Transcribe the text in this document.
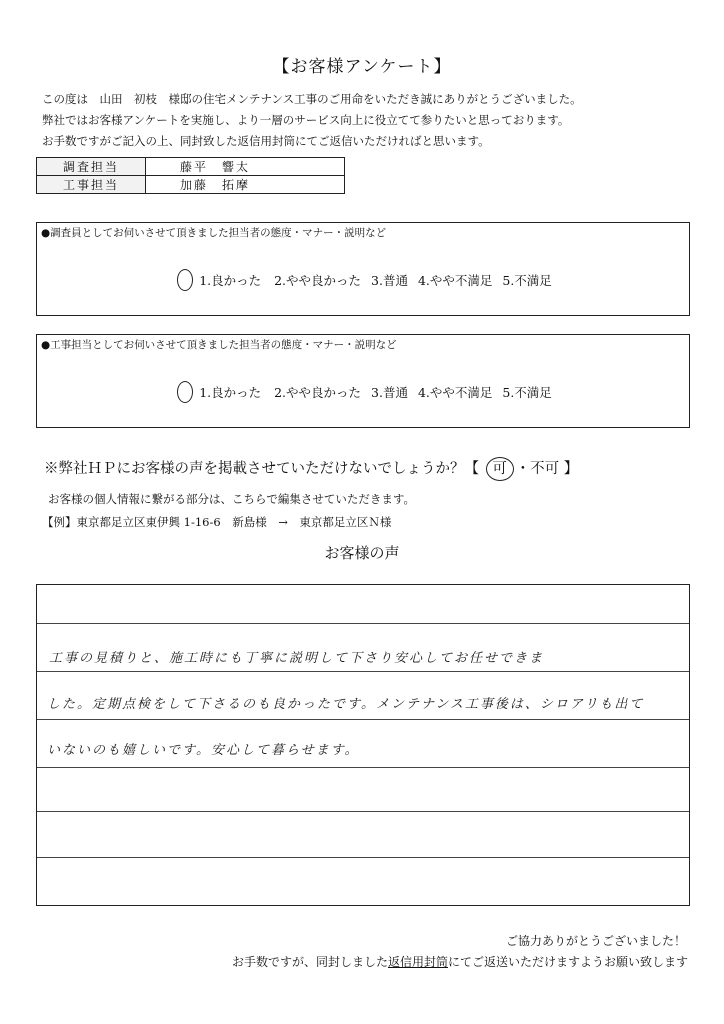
【お客様アンケート】
この度は　山田　初枝　様邸の住宅メンテナンス工事のご用命をいただき誠にありがとうございました。
弊社ではお客様アンケートを実施し、より一層のサービス向上に役立てて参りたいと思っております。
お手数ですがご記入の上、同封致した返信用封筒にてご返信いただければと思います。
調査担当	藤平　響太
工事担当	加藤　拓摩
●調査員としてお伺いさせて頂きました担当者の態度・マナー・説明など
1.良かった 2.やや良かった 3.普通 4.やや不満足 5.不満足
●工事担当としてお伺いさせて頂きました担当者の態度・マナー・説明など
1.良かった 2.やや良かった 3.普通 4.やや不満足 5.不満足
※弊社ＨＰにお客様の声を掲載させていただけないでしょうか？【 可 ・不可 】
お客様の個人情報に繋がる部分は、こちらで編集させていただきます。
【例】東京都足立区東伊興 1-16-6　新島様　→　東京都足立区Ｎ様
お客様の声
工事の見積りと、施工時にも丁寧に説明して下さり安心してお任せできま
した。定期点検をして下さるのも良かったです。メンテナンス工事後は、シロアリも出て
いないのも嬉しいです。安心して暮らせます。
ご協力ありがとうございました！
お手数ですが、同封しました返信用封筒にてご返送いただけますようお願い致します
